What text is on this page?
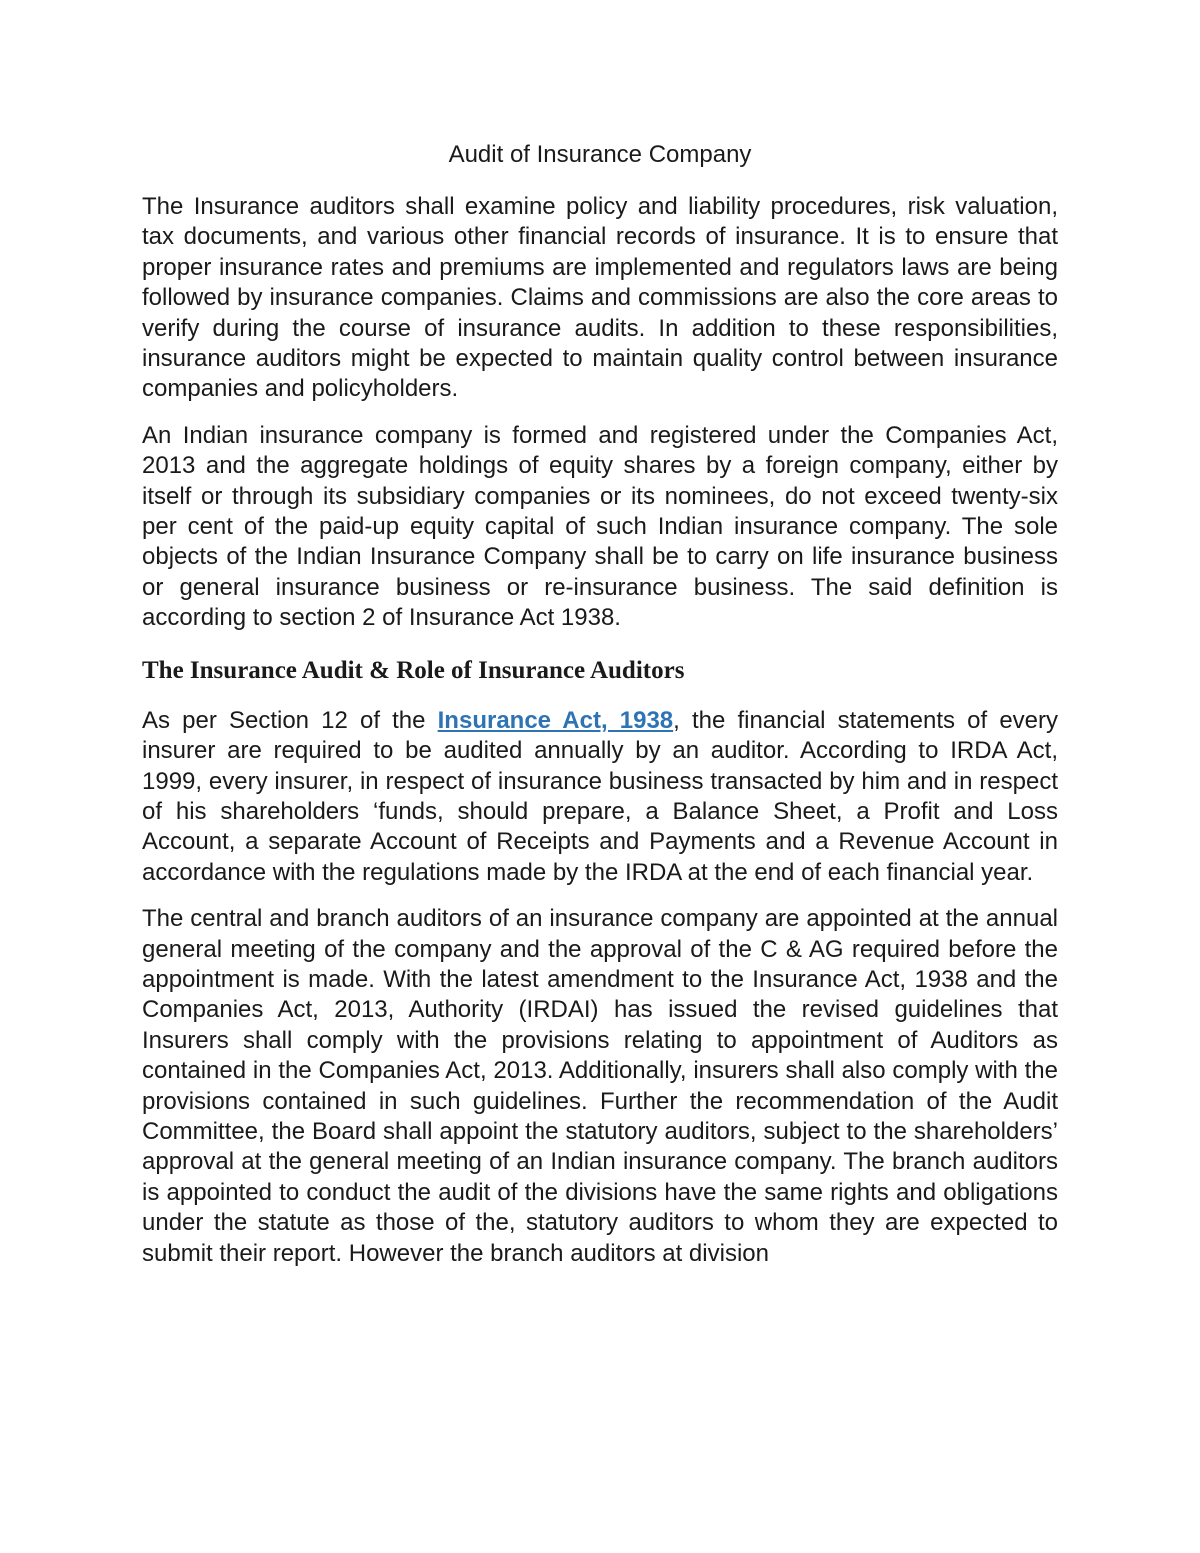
Audit of Insurance Company

The Insurance auditors shall examine policy and liability procedures, risk valuation, tax documents, and various other financial records of insurance. It is to ensure that proper insurance rates and premiums are implemented and regulators laws are being followed by insurance companies. Claims and commissions are also the core areas to verify during the course of insurance audits. In addition to these responsibilities, insurance auditors might be expected to maintain quality control between insurance companies and policyholders.

An Indian insurance company is formed and registered under the Companies Act, 2013 and the aggregate holdings of equity shares by a foreign company, either by itself or through its subsidiary companies or its nominees, do not exceed twenty-six per cent of the paid-up equity capital of such Indian insurance company. The sole objects of the Indian Insurance Company shall be to carry on life insurance business or general insurance business or re-insurance business. The said definition is according to section 2 of Insurance Act 1938.

The Insurance Audit & Role of Insurance Auditors

As per Section 12 of the Insurance Act, 1938, the financial statements of every insurer are required to be audited annually by an auditor. According to IRDA Act, 1999, every insurer, in respect of insurance business transacted by him and in respect of his shareholders ‘funds, should prepare, a Balance Sheet, a Profit and Loss Account, a separate Account of Receipts and Payments and a Revenue Account in accordance with the regulations made by the IRDA at the end of each financial year.

The central and branch auditors of an insurance company are appointed at the annual general meeting of the company and the approval of the C & AG required before the appointment is made. With the latest amendment to the Insurance Act, 1938 and the Companies Act, 2013, Authority (IRDAI) has issued the revised guidelines that Insurers shall comply with the provisions relating to appointment of Auditors as contained in the Companies Act, 2013. Additionally, insurers shall also comply with the provisions contained in such guidelines. Further the recommendation of the Audit Committee, the Board shall appoint the statutory auditors, subject to the shareholders’ approval at the general meeting of an Indian insurance company. The branch auditors is appointed to conduct the audit of the divisions have the same rights and obligations under the statute as those of the, statutory auditors to whom they are expected to submit their report. However the branch auditors at division
